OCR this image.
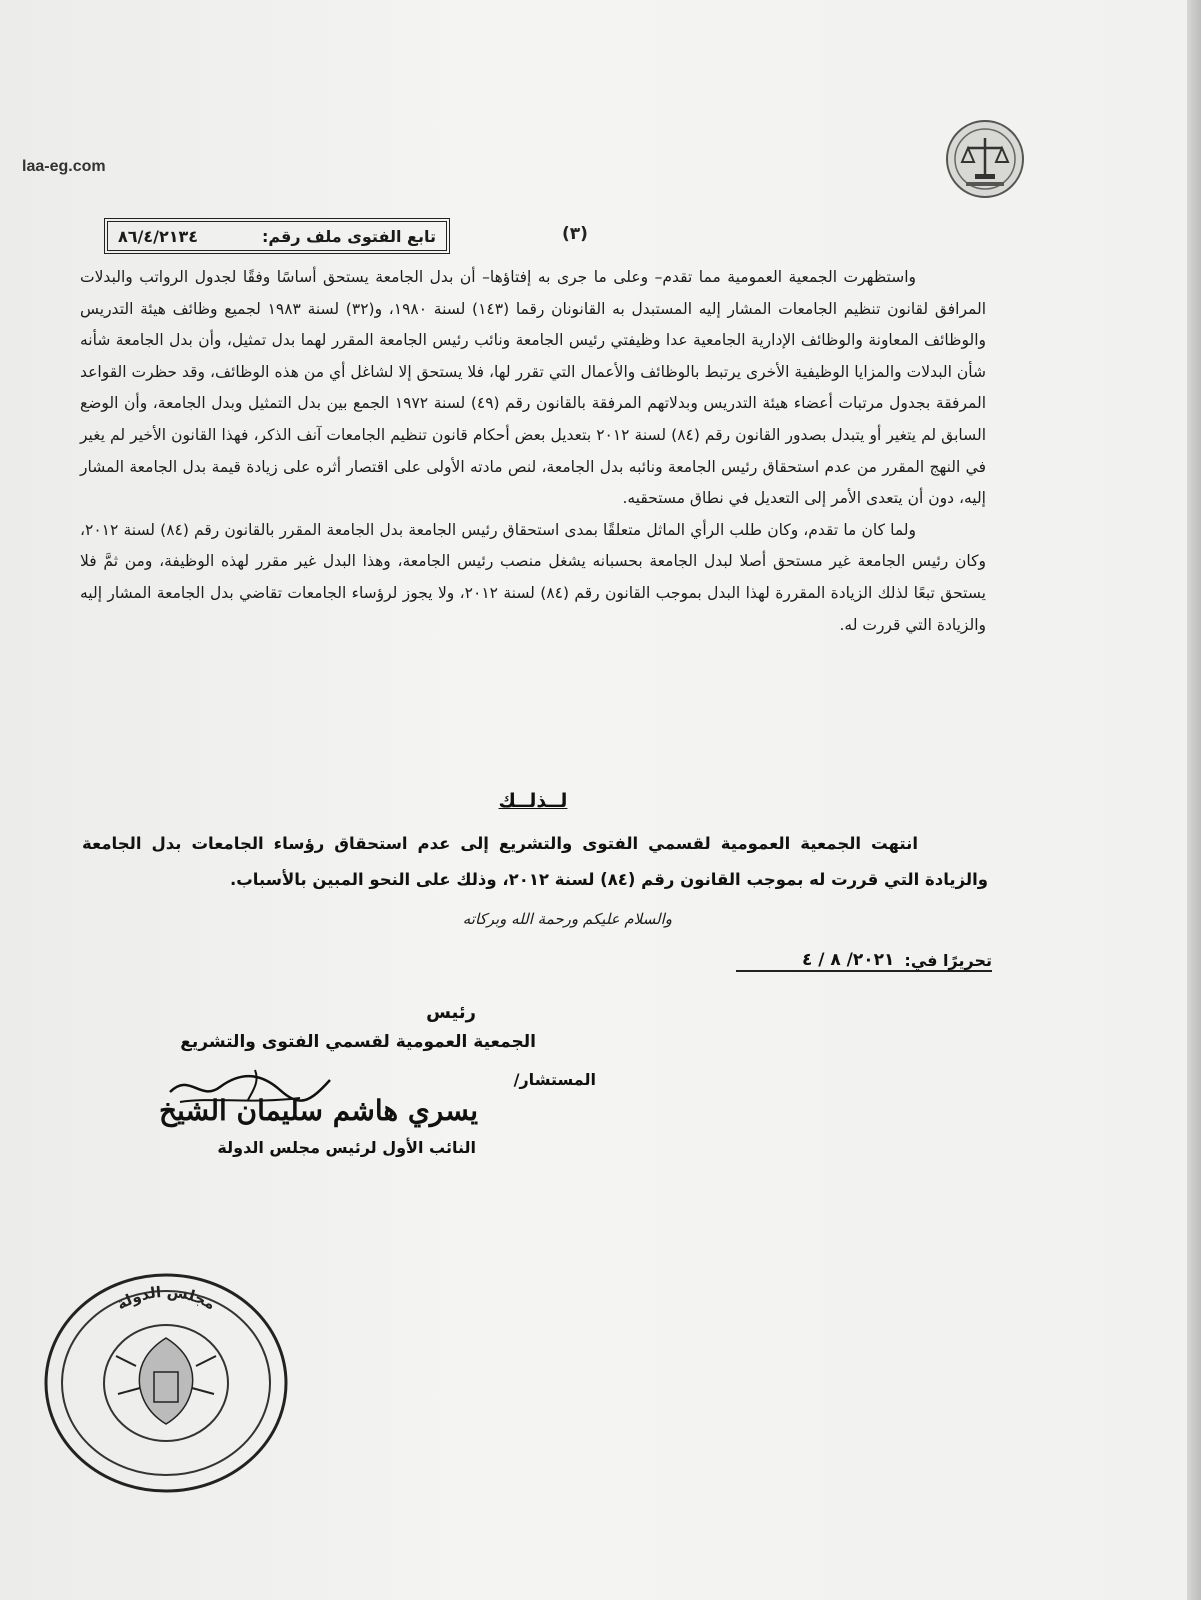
laa-eg.com
تابع الفتوى ملف رقم:
٨٦/٤/٢١٣٤	(٣)

واستظهرت الجمعية العمومية مما تقدم– وعلى ما جرى به إفتاؤها– أن بدل الجامعة يستحق أساسًا وفقًا لجدول الرواتب والبدلات المرافق لقانون تنظيم الجامعات المشار إليه المستبدل به القانونان رقما (١٤٣) لسنة ١٩٨٠، و(٣٢) لسنة ١٩٨٣ لجميع وظائف هيئة التدريس والوظائف المعاونة والوظائف الإدارية الجامعية عدا وظيفتي رئيس الجامعة ونائب رئيس الجامعة المقرر لهما بدل تمثيل، وأن بدل الجامعة شأنه شأن البدلات والمزايا الوظيفية الأخرى يرتبط بالوظائف والأعمال التي تقرر لها، فلا يستحق إلا لشاغل أي من هذه الوظائف، وقد حظرت القواعد المرفقة بجدول مرتبات أعضاء هيئة التدريس وبدلاتهم المرفقة بالقانون رقم (٤٩) لسنة ١٩٧٢ الجمع بين بدل التمثيل وبدل الجامعة، وأن الوضع السابق لم يتغير أو يتبدل بصدور القانون رقم (٨٤) لسنة ٢٠١٢ بتعديل بعض أحكام قانون تنظيم الجامعات آنف الذكر، فهذا القانون الأخير لم يغير في النهج المقرر من عدم استحقاق رئيس الجامعة ونائبه بدل الجامعة، لنص مادته الأولى على اقتصار أثره على زيادة قيمة بدل الجامعة المشار إليه، دون أن يتعدى الأمر إلى التعديل في نطاق مستحقيه.

ولما كان ما تقدم، وكان طلب الرأي الماثل متعلقًا بمدى استحقاق رئيس الجامعة بدل الجامعة المقرر بالقانون رقم (٨٤) لسنة ٢٠١٢، وكان رئيس الجامعة غير مستحق أصلا لبدل الجامعة بحسبانه يشغل منصب رئيس الجامعة، وهذا البدل غير مقرر لهذه الوظيفة، ومن ثمَّ فلا يستحق تبعًا لذلك الزيادة المقررة لهذا البدل بموجب القانون رقم (٨٤) لسنة ٢٠١٢، ولا يجوز لرؤساء الجامعات تقاضي بدل الجامعة المشار إليه والزيادة التي قررت له.

لــذلــك

انتهت الجمعية العمومية لقسمي الفتوى والتشريع إلى عدم استحقاق رؤساء الجامعات بدل الجامعة والزيادة التي قررت له بموجب القانون رقم (٨٤) لسنة ٢٠١٢، وذلك على النحو المبين بالأسباب.

والسلام عليكم ورحمة الله وبركاته
تحريرًا في:
٢٠٢١/ ٨ / ٤
رئيس
الجمعية العمومية لقسمي الفتوى والتشريع
المستشار/
يسري هاشم سليمان الشيخ
النائب الأول لرئيس مجلس الدولة
مجلس الدولة
